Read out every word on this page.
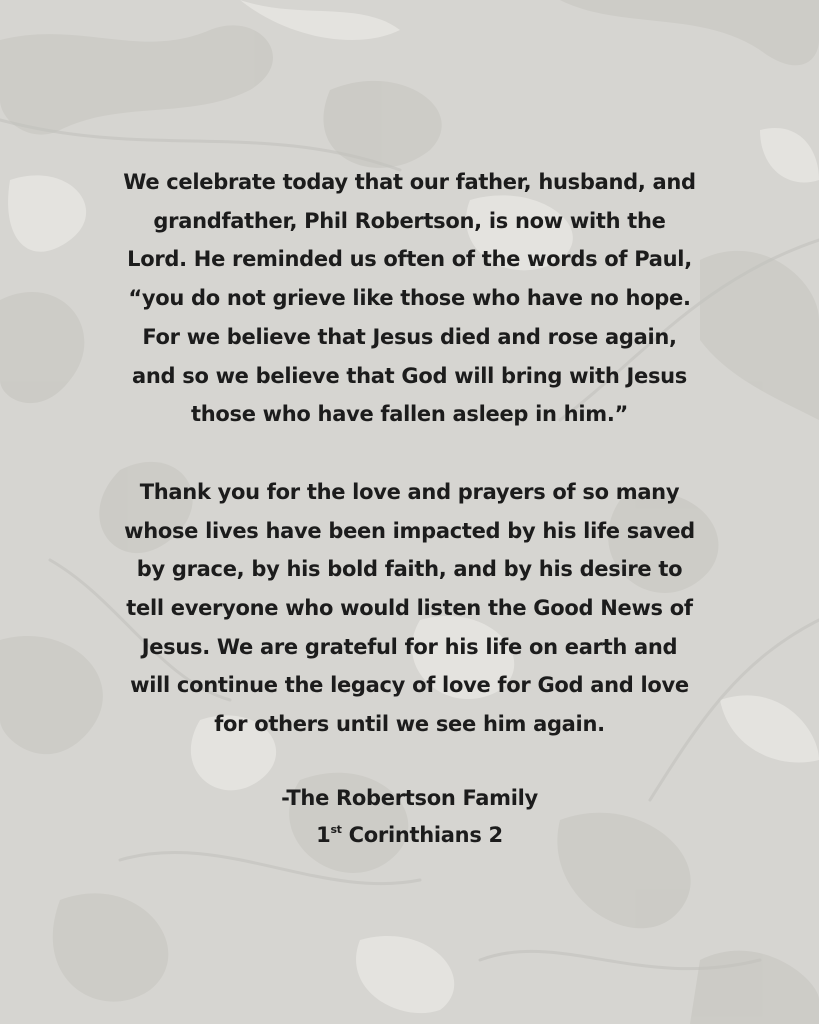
We celebrate today that our father, husband, and
grandfather, Phil Robertson, is now with the
Lord. He reminded us often of the words of Paul,
“you do not grieve like those who have no hope.
For we believe that Jesus died and rose again,
and so we believe that God will bring with Jesus
those who have fallen asleep in him.”

Thank you for the love and prayers of so many
whose lives have been impacted by his life saved
by grace, by his bold faith, and by his desire to
tell everyone who would listen the Good News of
Jesus. We are grateful for his life on earth and
will continue the legacy of love for God and love
for others until we see him again.

-The Robertson Family
1st Corinthians 2
